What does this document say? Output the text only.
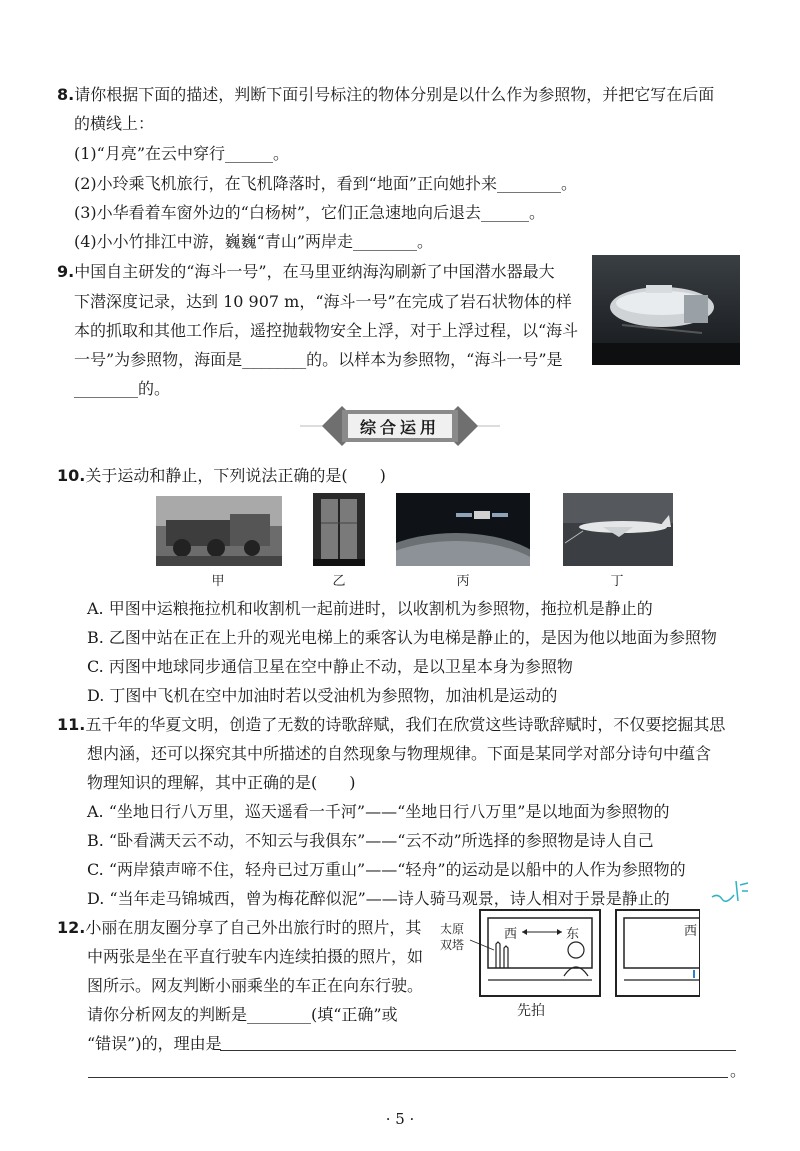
8.请你根据下面的描述，判断下面引号标注的物体分别是以什么作为参照物，并把它写在后面
的横线上：
(1)“月亮”在云中穿行______。
(2)小玲乘飞机旅行，在飞机降落时，看到“地面”正向她扑来________。
(3)小华看着车窗外边的“白杨树”，它们正急速地向后退去______。
(4)小小竹排江中游，巍巍“青山”两岸走________。
9.中国自主研发的“海斗一号”，在马里亚纳海沟刷新了中国潜水器最大
下潜深度记录，达到 10 907 m，“海斗一号”在完成了岩石状物体的样
本的抓取和其他工作后，遥控抛载物安全上浮，对于上浮过程，以“海斗
一号”为参照物，海面是________的。以样本为参照物，“海斗一号”是
________的。
综合运用
10.关于运动和静止，下列说法正确的是(　　)
甲	乙	丙	丁
A. 甲图中运粮拖拉机和收割机一起前进时，以收割机为参照物，拖拉机是静止的
B. 乙图中站在正在上升的观光电梯上的乘客认为电梯是静止的，是因为他以地面为参照物
C. 丙图中地球同步通信卫星在空中静止不动，是以卫星本身为参照物
D. 丁图中飞机在空中加油时若以受油机为参照物，加油机是运动的
11.五千年的华夏文明，创造了无数的诗歌辞赋，我们在欣赏这些诗歌辞赋时，不仅要挖掘其思
想内涵，还可以探究其中所描述的自然现象与物理规律。下面是某同学对部分诗句中蕴含
物理知识的理解，其中正确的是(　　)
A. “坐地日行八万里，巡天遥看一千河”——“坐地日行八万里”是以地面为参照物的
B. “卧看满天云不动，不知云与我俱东”——“云不动”所选择的参照物是诗人自己
C. “两岸猿声啼不住，轻舟已过万重山”——“轻舟”的运动是以船中的人作为参照物的
D. “当年走马锦城西，曾为梅花醉似泥”——诗人骑马观景，诗人相对于景是静止的
12.小丽在朋友圈分享了自己外出旅行时的照片，其
中两张是坐在平直行驶车内连续拍摄的照片，如
图所示。网友判断小丽乘坐的车正在向东行驶。
请你分析网友的判断是________(填“正确”或
“错误”)的，理由是
。
太原
双塔
西	东
先拍
西
· 5 ·
